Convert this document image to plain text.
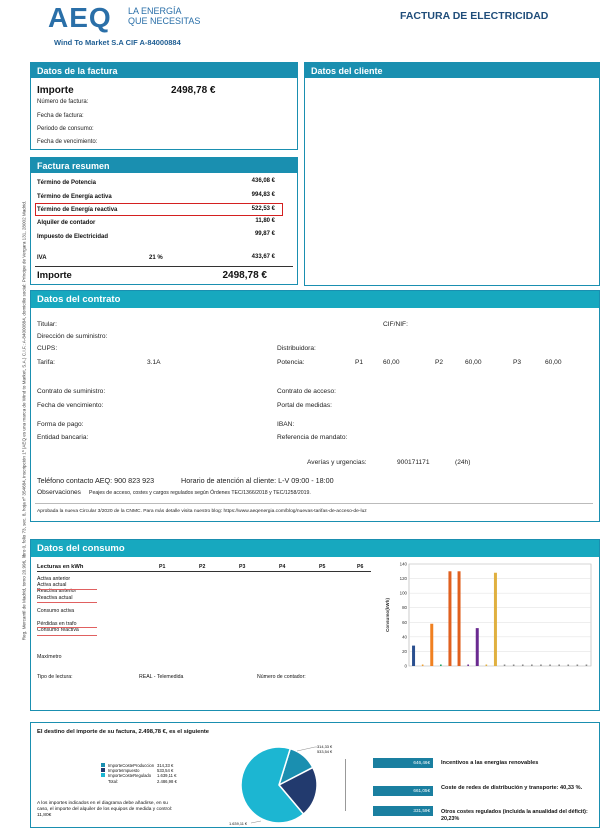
AEQ LA ENERGÍA
QUE NECESITAS
Wind To Market S.A CIF A-84000884
FACTURA DE ELECTRICIDAD
Reg. Mercantil de Madrid, tomo 20.996, libro 0, folio 73, sec. 8, hoja nº 354684, inscripción 1ª (AEQ es una marca de Wind to Market, S.A.) C.I.F.: A-84000884, domicilio social: Príncipe de Vergara 131, 28002 Madrid.
Datos de la factura
Importe	2498,78 €
Número de factura:
Fecha de factura:
Periodo de consumo:
Fecha de vencimiento:
Datos del cliente
Factura resumen
Término de Potencia	436,08 €
Término de Energía activa	994,83 €
Término de Energía reactiva	522,53 €
Alquiler de contador	11,80 €
Impuesto de Electricidad	99,87 €
IVA	21 %	433,67 €
Importe	2498,78 €
Datos del contrato
Titular:	CIF/NIF:
Dirección de suministro:
CUPS:	Distribuidora:
Tarifa:	3.1A	Potencia:	P1	60,00	P2	60,00	P3	60,00
Contrato de suministro:	Contrato de acceso:
Fecha de vencimiento:	Portal de medidas:
Forma de pago:	IBAN:
Entidad bancaria:	Referencia de mandato:
Averías y urgencias:	900171171	(24h)
Teléfono contacto AEQ: 900 823 923	Horario de atención al cliente: L-V 09:00 - 18:00
Observaciones Peajes de acceso, costes y cargos regulados según Órdenes TEC/1366/2018 y TEC/1258/2019.
Aprobada la nueva Circular 3/2020 de la CNMC. Para más detalle visita nuestro blog: https://www.aeqenergia.com/blog/nuevas-tarifas-de-acceso-de-luz
Datos del consumo
Lecturas en kWh	P1	P2	P3	P4	P5	P6
Activa anterior
Activa actual
Reactiva anterior
Reactiva actual
Consumo activa
Pérdidas en trafo
Consumo reactiva
Maxímetro
Tipo de lectura:	REAL - Telemedida	Número de contador:
0
20
40
60
80
100
120
140
Consumo(kWh)
El destino del importe de su factura, 2.498,78 €, es el siguiente
ImporteCosteProduccion 314,33 €
ImporteImpuesto	533,54 €
ImporteCosteRegulado	1.639,11 €
Total:	2.486,98 €
A los importes indicados en el diagrama debe añadirse, en su caso, el importe del alquiler de los equipos de medida y control: 11,80€
314,33 €
533,54 €
1.639,11 €
646,46€	Incentivos a las energías renovables
661,05€	Coste de redes de distribución y transporte: 40,33 %.
331,59€	Otros costes regulados (incluida la anualidad del déficit): 20,23%
